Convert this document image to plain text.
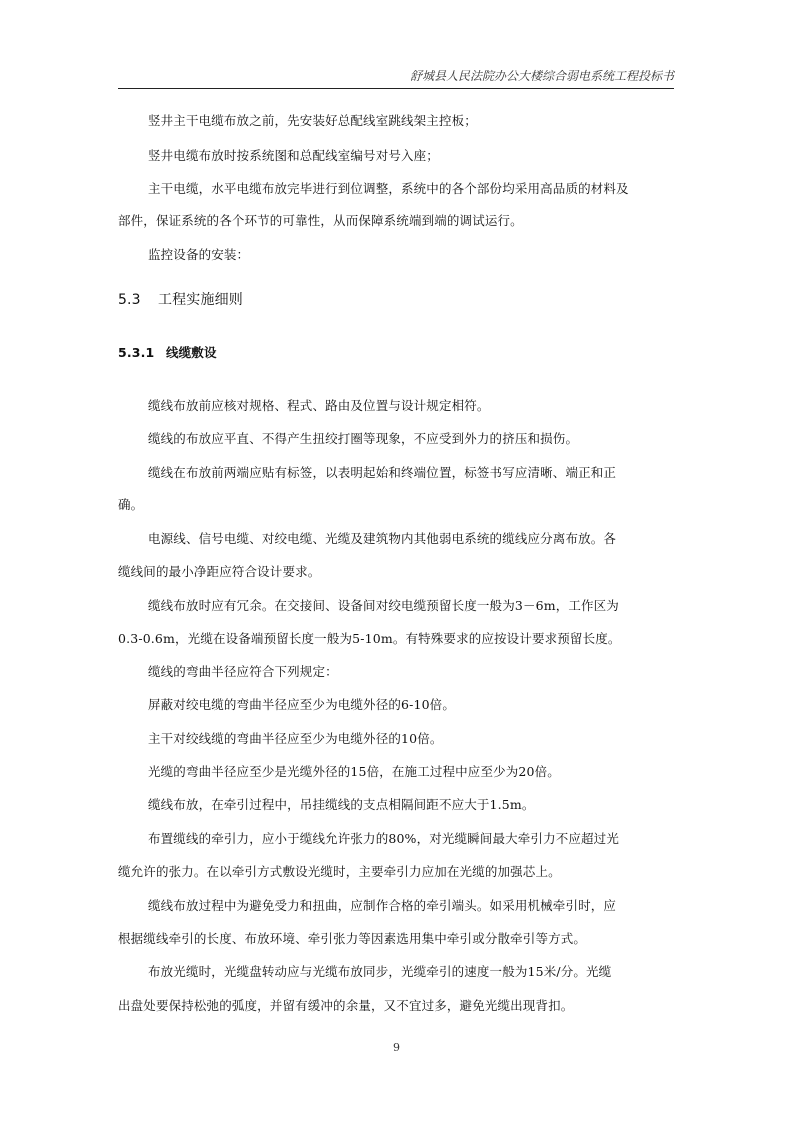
舒城县人民法院办公大楼综合弱电系统工程投标书
竖井主干电缆布放之前，先安装好总配线室跳线架主控板；
竖井电缆布放时按系统图和总配线室编号对号入座；
主干电缆，水平电缆布放完毕进行到位调整，系统中的各个部份均采用高品质的材料及
部件，保证系统的各个环节的可靠性，从而保障系统端到端的调试运行。
监控设备的安装：
5.3 工程实施细则
5.3.1 线缆敷设
缆线布放前应核对规格、程式、路由及位置与设计规定相符。
缆线的布放应平直、不得产生扭绞打圈等现象，不应受到外力的挤压和损伤。
缆线在布放前两端应贴有标签，以表明起始和终端位置，标签书写应清晰、端正和正
确。
电源线、信号电缆、对绞电缆、光缆及建筑物内其他弱电系统的缆线应分离布放。各
缆线间的最小净距应符合设计要求。
缆线布放时应有冗余。在交接间、设备间对绞电缆预留长度一般为3－6m，工作区为
0.3-0.6m，光缆在设备端预留长度一般为5-10m。有特殊要求的应按设计要求预留长度。
缆线的弯曲半径应符合下列规定：
屏蔽对绞电缆的弯曲半径应至少为电缆外径的6-10倍。
主干对绞线缆的弯曲半径应至少为电缆外径的10倍。
光缆的弯曲半径应至少是光缆外径的15倍，在施工过程中应至少为20倍。
缆线布放，在牵引过程中，吊挂缆线的支点相隔间距不应大于1.5m。
布置缆线的牵引力，应小于缆线允许张力的80%，对光缆瞬间最大牵引力不应超过光
缆允许的张力。在以牵引方式敷设光缆时，主要牵引力应加在光缆的加强芯上。
缆线布放过程中为避免受力和扭曲，应制作合格的牵引端头。如采用机械牵引时，应
根据缆线牵引的长度、布放环境、牵引张力等因素选用集中牵引或分散牵引等方式。
布放光缆时，光缆盘转动应与光缆布放同步，光缆牵引的速度一般为15米/分。光缆
出盘处要保持松弛的弧度，并留有缓冲的余量，又不宜过多，避免光缆出现背扣。
9
